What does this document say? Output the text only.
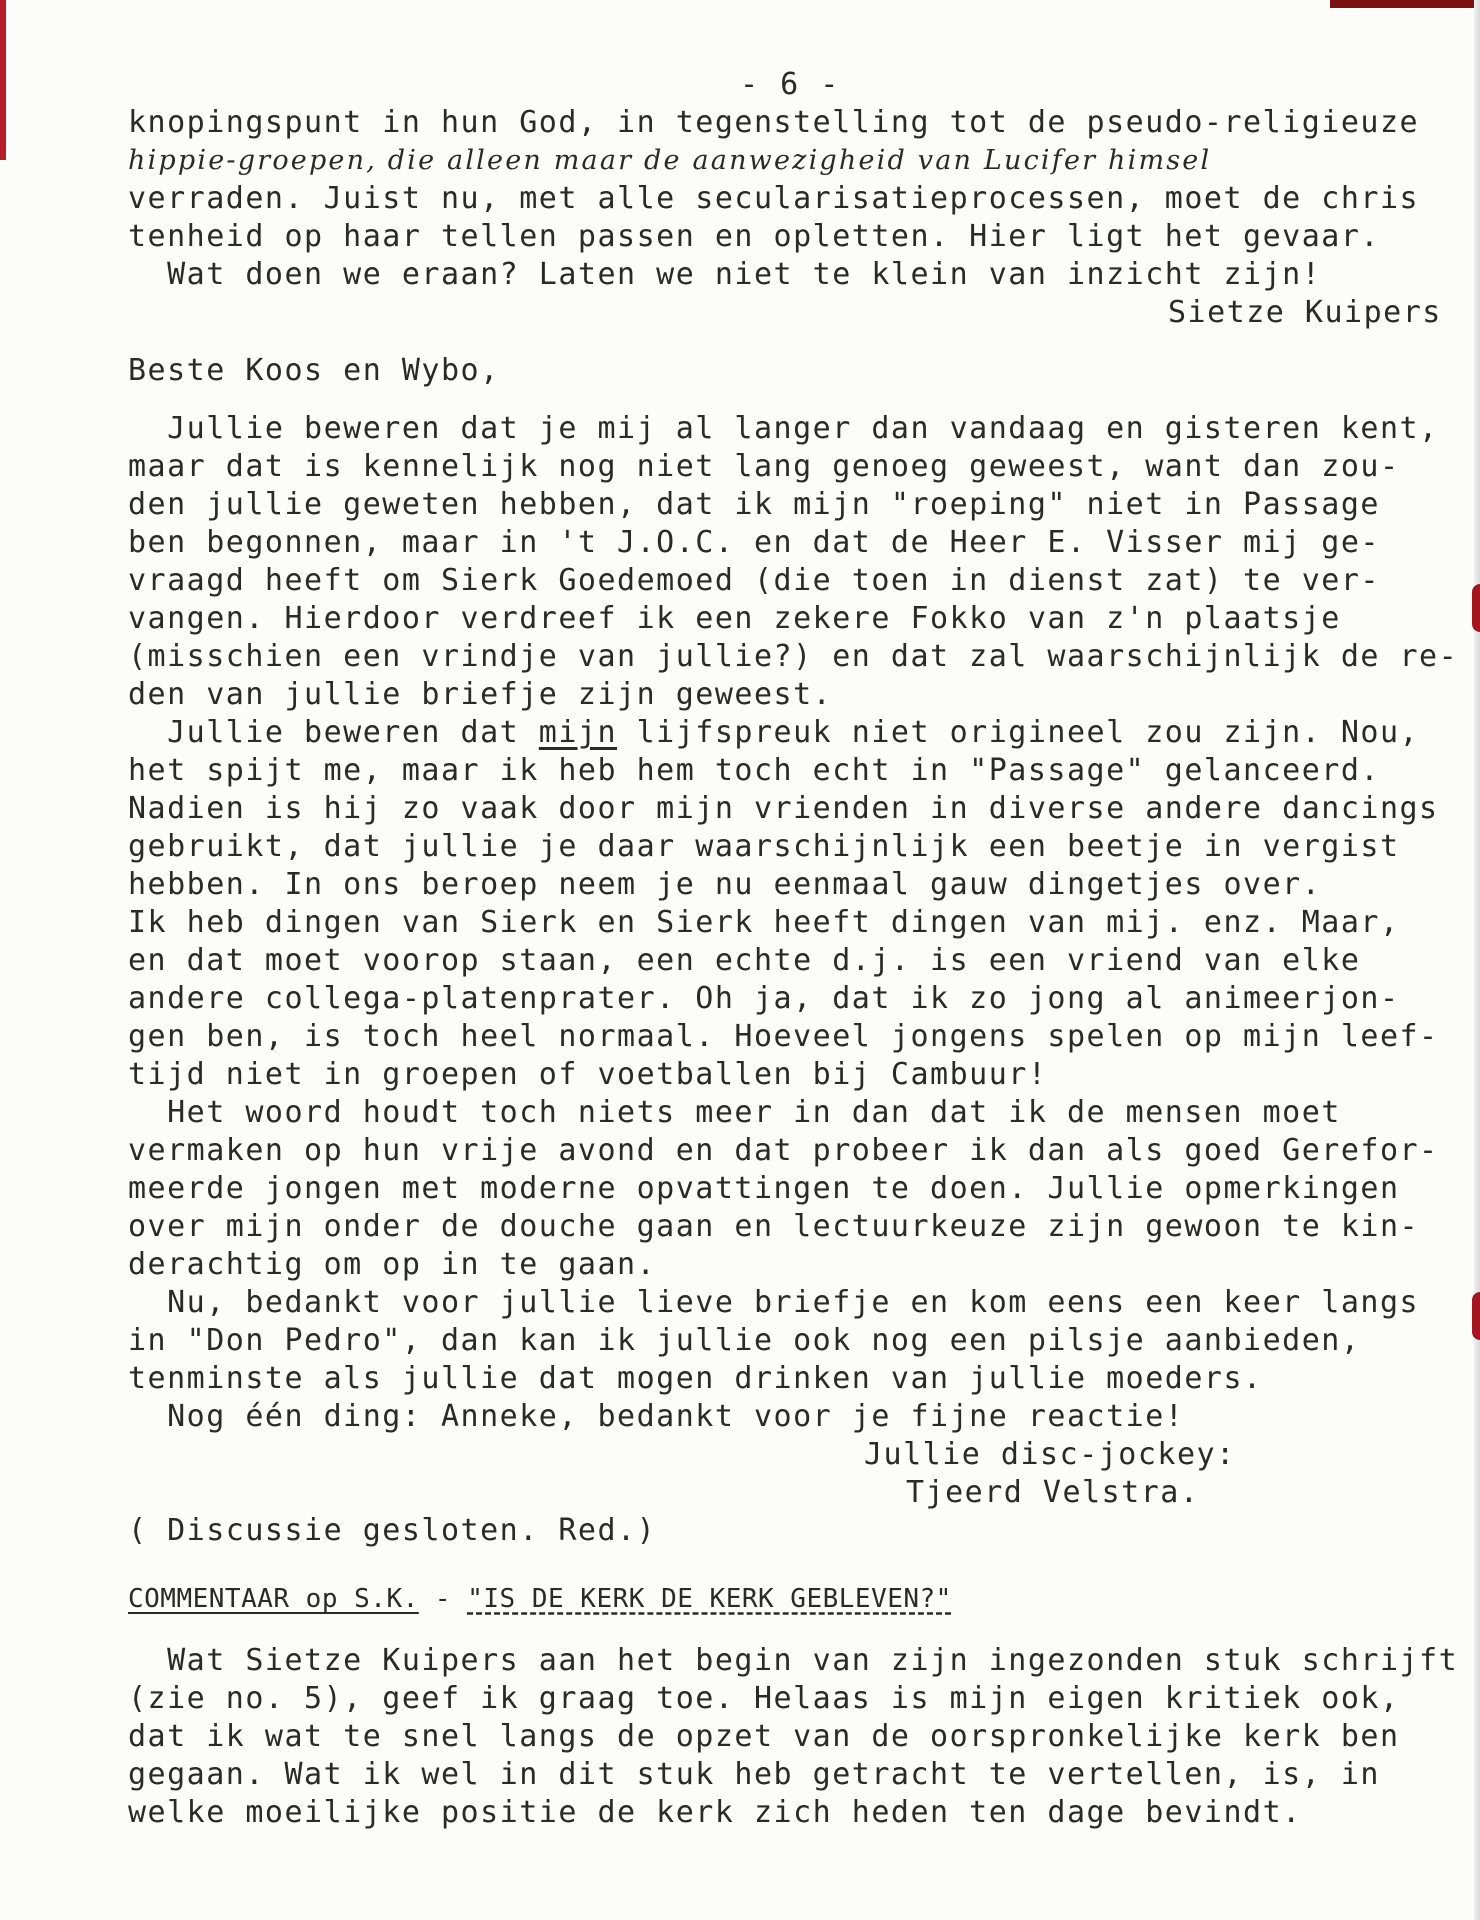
- 6 -
knopingspunt in hun God, in tegenstelling tot de pseudo-religieuze
hippie-groepen, die alleen maar de aanwezigheid van Lucifer himsel
verraden. Juist nu, met alle secularisatieprocessen, moet de chris
tenheid op haar tellen passen en opletten. Hier ligt het gevaar.
Wat doen we eraan? Laten we niet te klein van inzicht zijn!
Sietze Kuipers
Beste Koos en Wybo,
Jullie beweren dat je mij al langer dan vandaag en gisteren kent,
maar dat is kennelijk nog niet lang genoeg geweest, want dan zou-
den jullie geweten hebben, dat ik mijn "roeping" niet in Passage
ben begonnen, maar in 't J.O.C. en dat de Heer E. Visser mij ge-
vraagd heeft om Sierk Goedemoed (die toen in dienst zat) te ver-
vangen. Hierdoor verdreef ik een zekere Fokko van z'n plaatsje
(misschien een vrindje van jullie?) en dat zal waarschijnlijk de re-
den van jullie briefje zijn geweest.
Jullie beweren dat mijn lijfspreuk niet origineel zou zijn. Nou,
het spijt me, maar ik heb hem toch echt in "Passage" gelanceerd.
Nadien is hij zo vaak door mijn vrienden in diverse andere dancings
gebruikt, dat jullie je daar waarschijnlijk een beetje in vergist
hebben. In ons beroep neem je nu eenmaal gauw dingetjes over.
Ik heb dingen van Sierk en Sierk heeft dingen van mij. enz. Maar,
en dat moet voorop staan, een echte d.j. is een vriend van elke
andere collega-platenprater. Oh ja, dat ik zo jong al animeerjon-
gen ben, is toch heel normaal. Hoeveel jongens spelen op mijn leef-
tijd niet in groepen of voetballen bij Cambuur!
Het woord houdt toch niets meer in dan dat ik de mensen moet
vermaken op hun vrije avond en dat probeer ik dan als goed Gerefor-
meerde jongen met moderne opvattingen te doen. Jullie opmerkingen
over mijn onder de douche gaan en lectuurkeuze zijn gewoon te kin-
derachtig om op in te gaan.
Nu, bedankt voor jullie lieve briefje en kom eens een keer langs
in "Don Pedro", dan kan ik jullie ook nog een pilsje aanbieden,
tenminste als jullie dat mogen drinken van jullie moeders.
Nog één ding: Anneke, bedankt voor je fijne reactie!
Jullie disc-jockey:
Tjeerd Velstra.
( Discussie gesloten. Red.)
COMMENTAAR op S.K. - "IS DE KERK DE KERK GEBLEVEN?"
Wat Sietze Kuipers aan het begin van zijn ingezonden stuk schrijft
(zie no. 5), geef ik graag toe. Helaas is mijn eigen kritiek ook,
dat ik wat te snel langs de opzet van de oorspronkelijke kerk ben
gegaan. Wat ik wel in dit stuk heb getracht te vertellen, is, in
welke moeilijke positie de kerk zich heden ten dage bevindt.
